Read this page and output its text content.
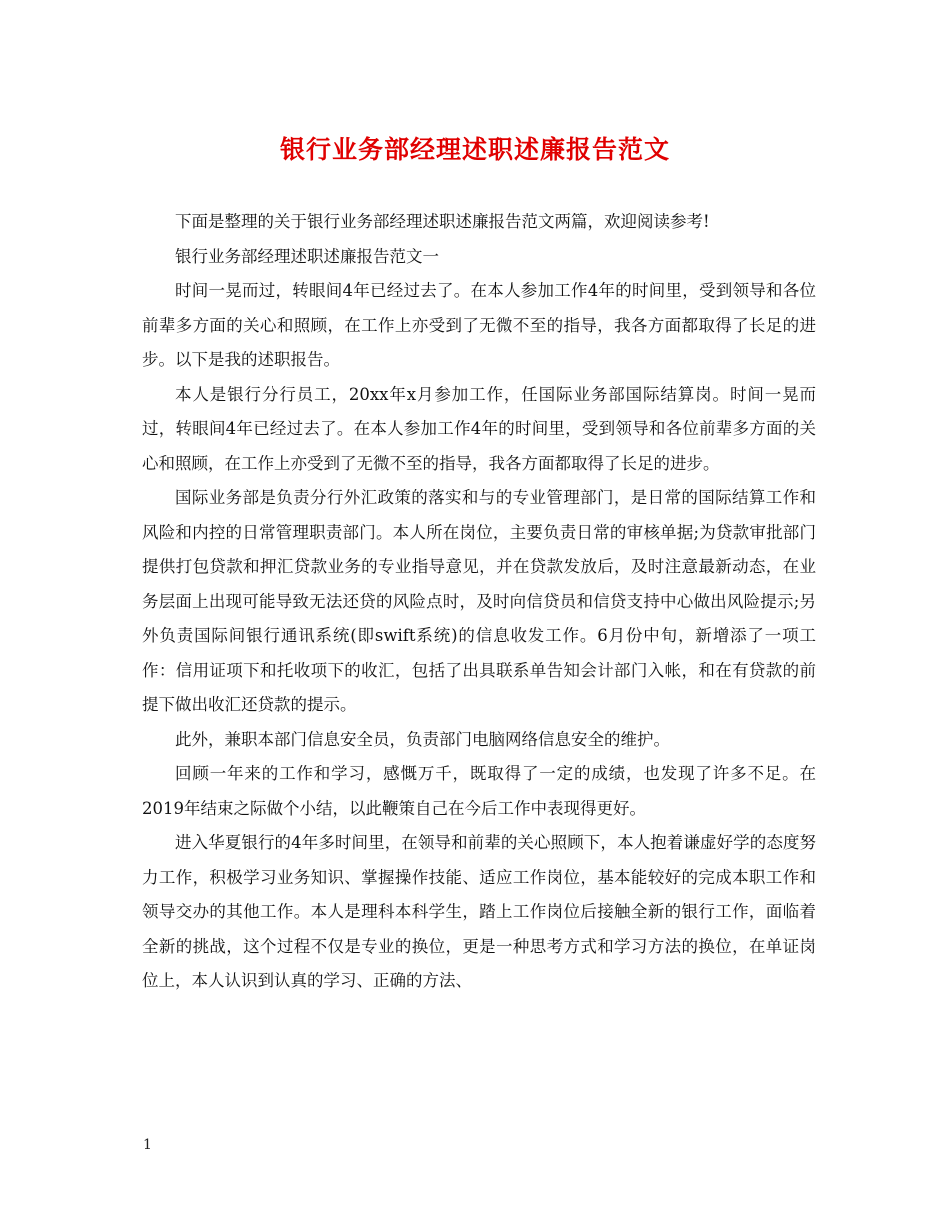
银行业务部经理述职述廉报告范文

下面是整理的关于银行业务部经理述职述廉报告范文两篇，欢迎阅读参考!

银行业务部经理述职述廉报告范文一

时间一晃而过，转眼间4年已经过去了。在本人参加工作4年的时间里，受到领导和各位前辈多方面的关心和照顾，在工作上亦受到了无微不至的指导，我各方面都取得了长足的进步。以下是我的述职报告。

本人是银行分行员工，20xx年x月参加工作，任国际业务部国际结算岗。时间一晃而过，转眼间4年已经过去了。在本人参加工作4年的时间里，受到领导和各位前辈多方面的关心和照顾，在工作上亦受到了无微不至的指导，我各方面都取得了长足的进步。

国际业务部是负责分行外汇政策的落实和与的专业管理部门，是日常的国际结算工作和风险和内控的日常管理职责部门。本人所在岗位，主要负责日常的审核单据;为贷款审批部门提供打包贷款和押汇贷款业务的专业指导意见，并在贷款发放后，及时注意最新动态，在业务层面上出现可能导致无法还贷的风险点时，及时向信贷员和信贷支持中心做出风险提示;另外负责国际间银行通讯系统(即swift系统)的信息收发工作。6月份中旬，新增添了一项工作：信用证项下和托收项下的收汇，包括了出具联系单告知会计部门入帐，和在有贷款的前提下做出收汇还贷款的提示。

此外，兼职本部门信息安全员，负责部门电脑网络信息安全的维护。

回顾一年来的工作和学习，感慨万千，既取得了一定的成绩，也发现了许多不足。在2019年结束之际做个小结，以此鞭策自己在今后工作中表现得更好。

进入华夏银行的4年多时间里，在领导和前辈的关心照顾下，本人抱着谦虚好学的态度努力工作，积极学习业务知识、掌握操作技能、适应工作岗位，基本能较好的完成本职工作和领导交办的其他工作。本人是理科本科学生，踏上工作岗位后接触全新的银行工作，面临着全新的挑战，这个过程不仅是专业的换位，更是一种思考方式和学习方法的换位，在单证岗位上，本人认识到认真的学习、正确的方法、

1
